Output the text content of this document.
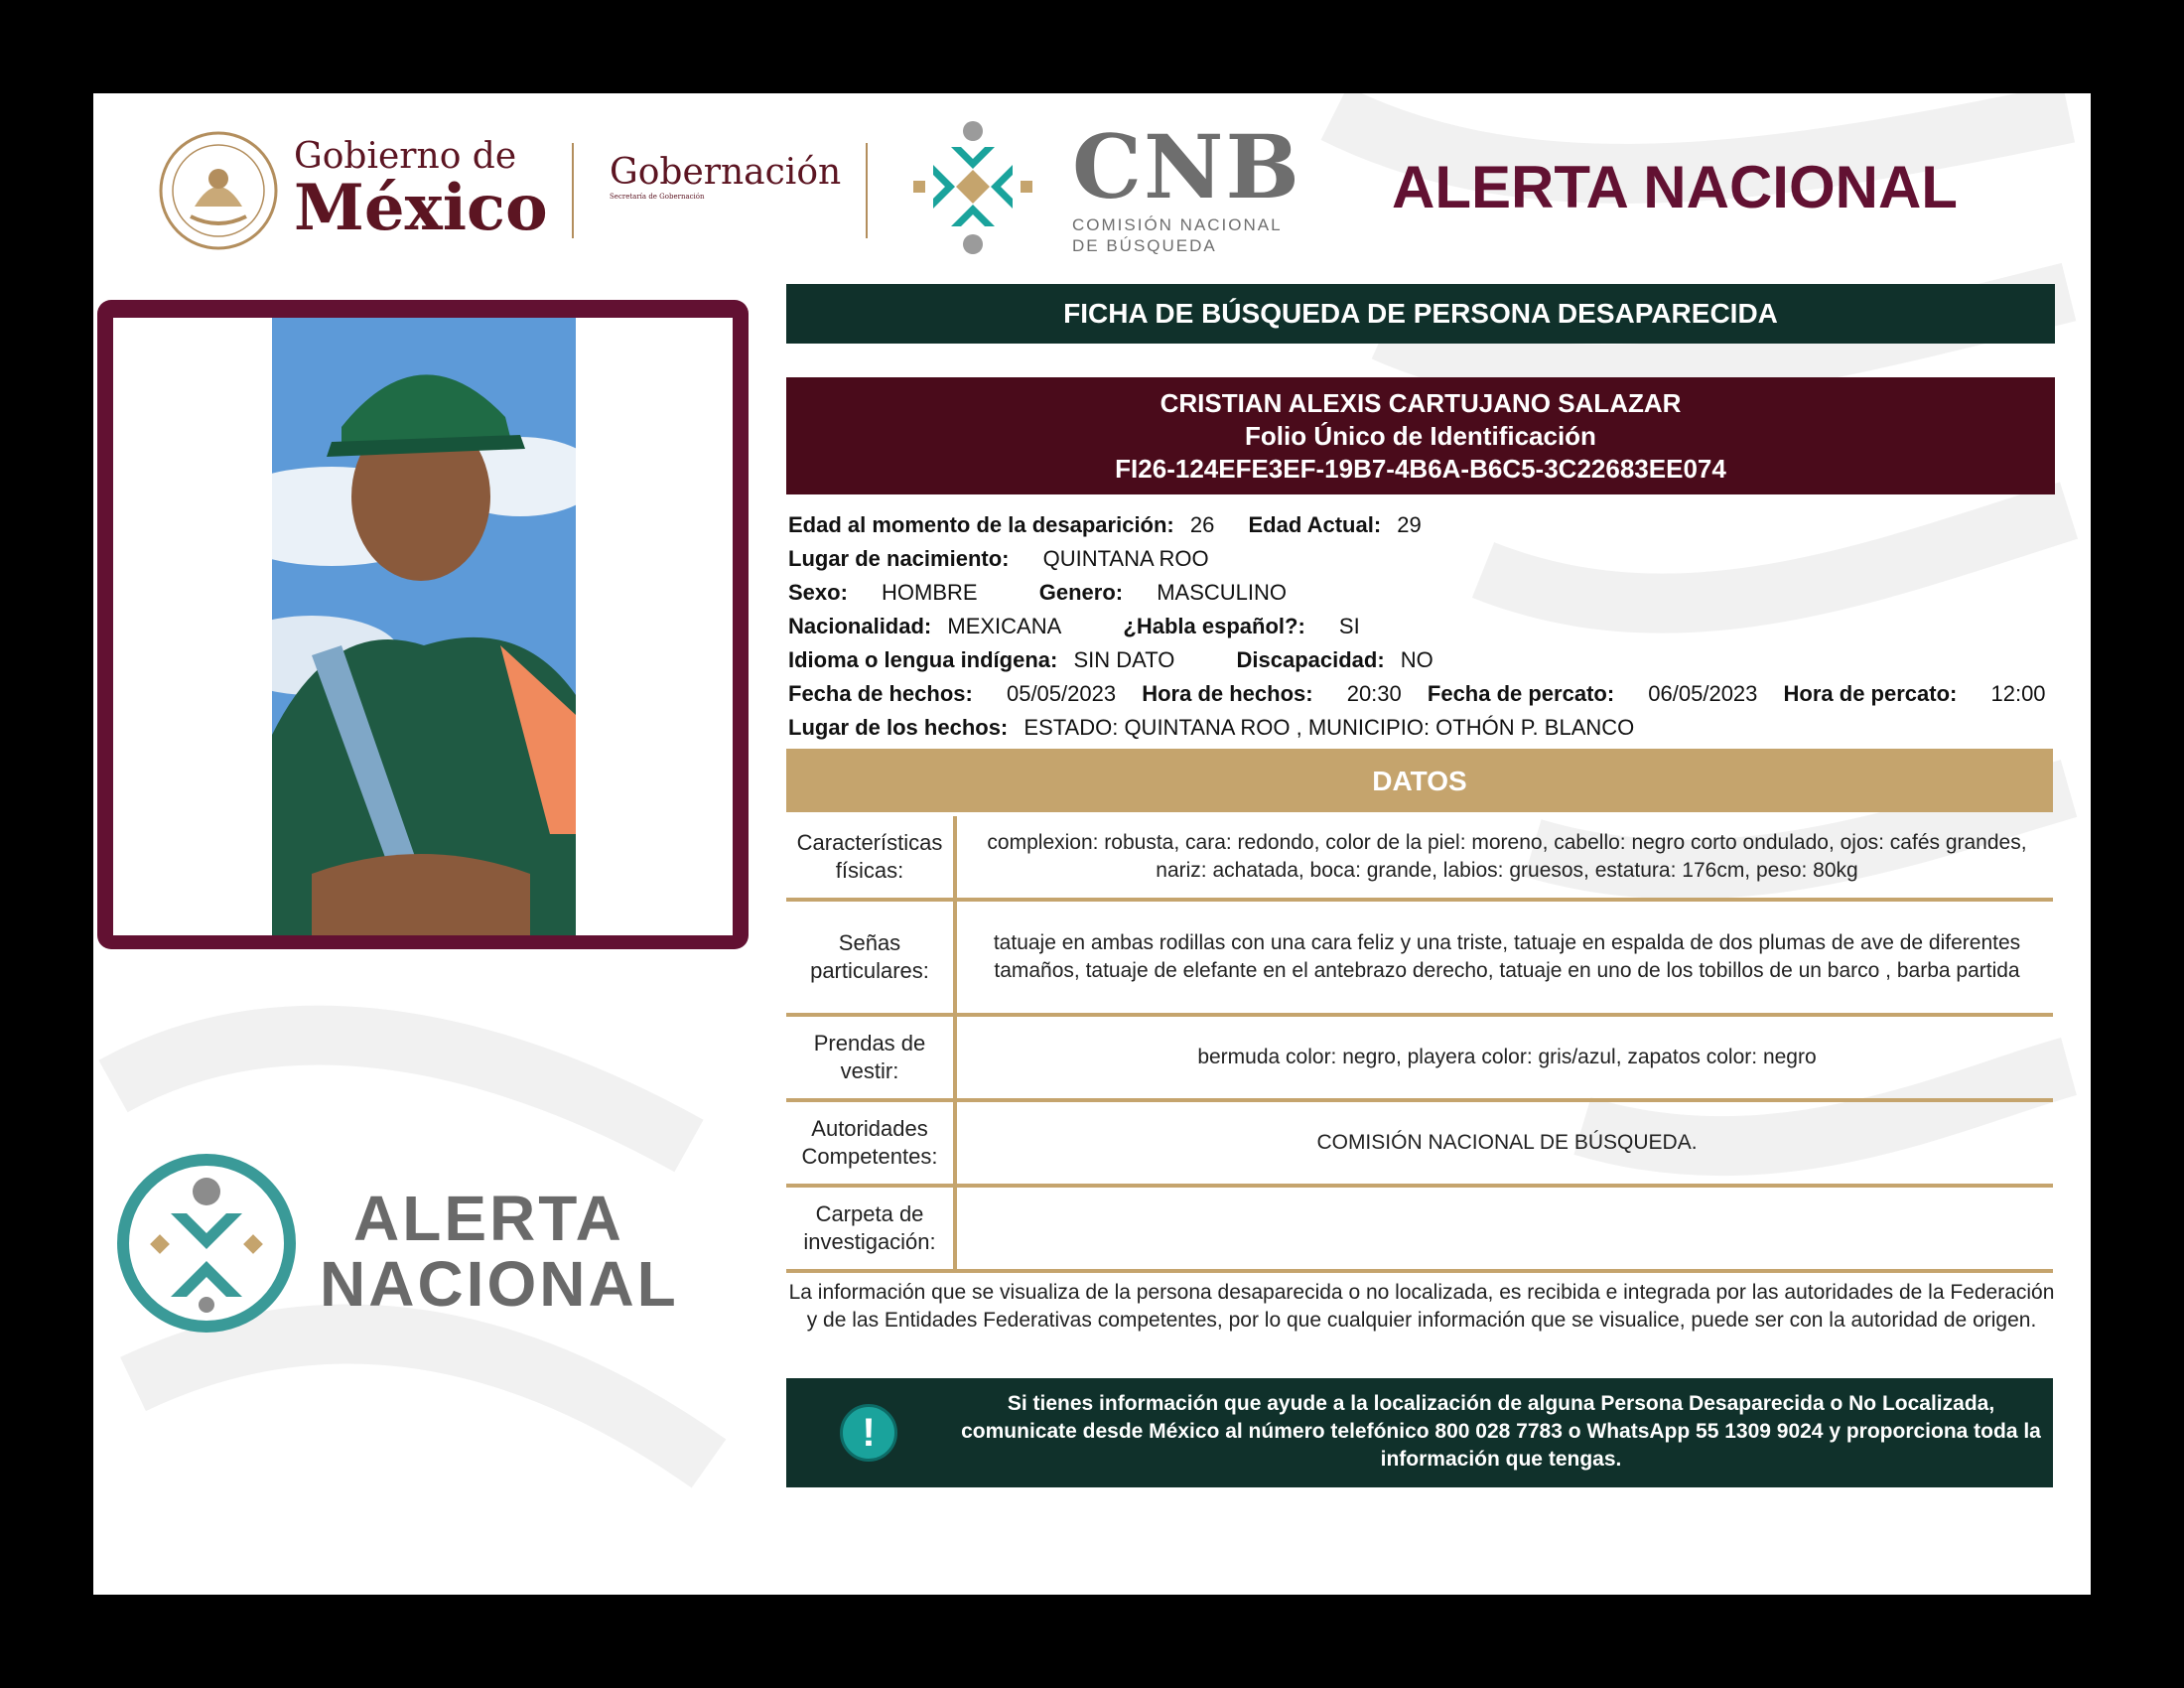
Gobierno de
México Gobernación
Secretaría de Gobernación	CNB
COMISIÓN NACIONAL
DE BÚSQUEDA
ALERTA NACIONAL
FICHA DE BÚSQUEDA DE PERSONA DESAPARECIDA
CRISTIAN ALEXIS CARTUJANO SALAZAR
Folio Único de Identificación
FI26-124EFE3EF-19B7-4B6A-B6C5-3C22683EE074
Edad al momento de la desaparición: 26 Edad Actual: 29
Lugar de nacimiento: QUINTANA ROO
Sexo: HOMBRE	Genero: MASCULINO
Nacionalidad: MEXICANA	¿Habla español?: SI
Idioma o lengua indígena: SIN DATO	Discapacidad: NO
Fecha de hechos: 05/05/2023 Hora de hechos: 20:30 Fecha de percato: 06/05/2023 Hora de percato: 12:00
Lugar de los hechos: ESTADO: QUINTANA ROO , MUNICIPIO: OTHÓN P. BLANCO
DATOS
Características físicas:
complexion: robusta, cara: redondo, color de la piel: moreno, cabello: negro corto ondulado, ojos: cafés grandes, nariz: achatada, boca: grande, labios: gruesos, estatura: 176cm, peso: 80kg
Señas particulares:
tatuaje en ambas rodillas con una cara feliz y una triste, tatuaje en espalda de dos plumas de ave de diferentes tamaños, tatuaje de elefante en el antebrazo derecho, tatuaje en uno de los tobillos de un barco , barba partida
Prendas de vestir:
bermuda color: negro, playera color: gris/azul, zapatos color: negro
Autoridades Competentes:
COMISIÓN NACIONAL DE BÚSQUEDA.
Carpeta de investigación:
La información que se visualiza de la persona desaparecida o no localizada, es recibida e integrada por las autoridades de la Federación y de las Entidades Federativas competentes, por lo que cualquier información que se visualice, puede ser con la autoridad de origen.
!
Si tienes información que ayude a la localización de alguna Persona Desaparecida o No Localizada, comunicate desde México al número telefónico 800 028 7783 o WhatsApp 55 1309 9024 y proporciona toda la información que tengas.
ALERTA
NACIONAL
